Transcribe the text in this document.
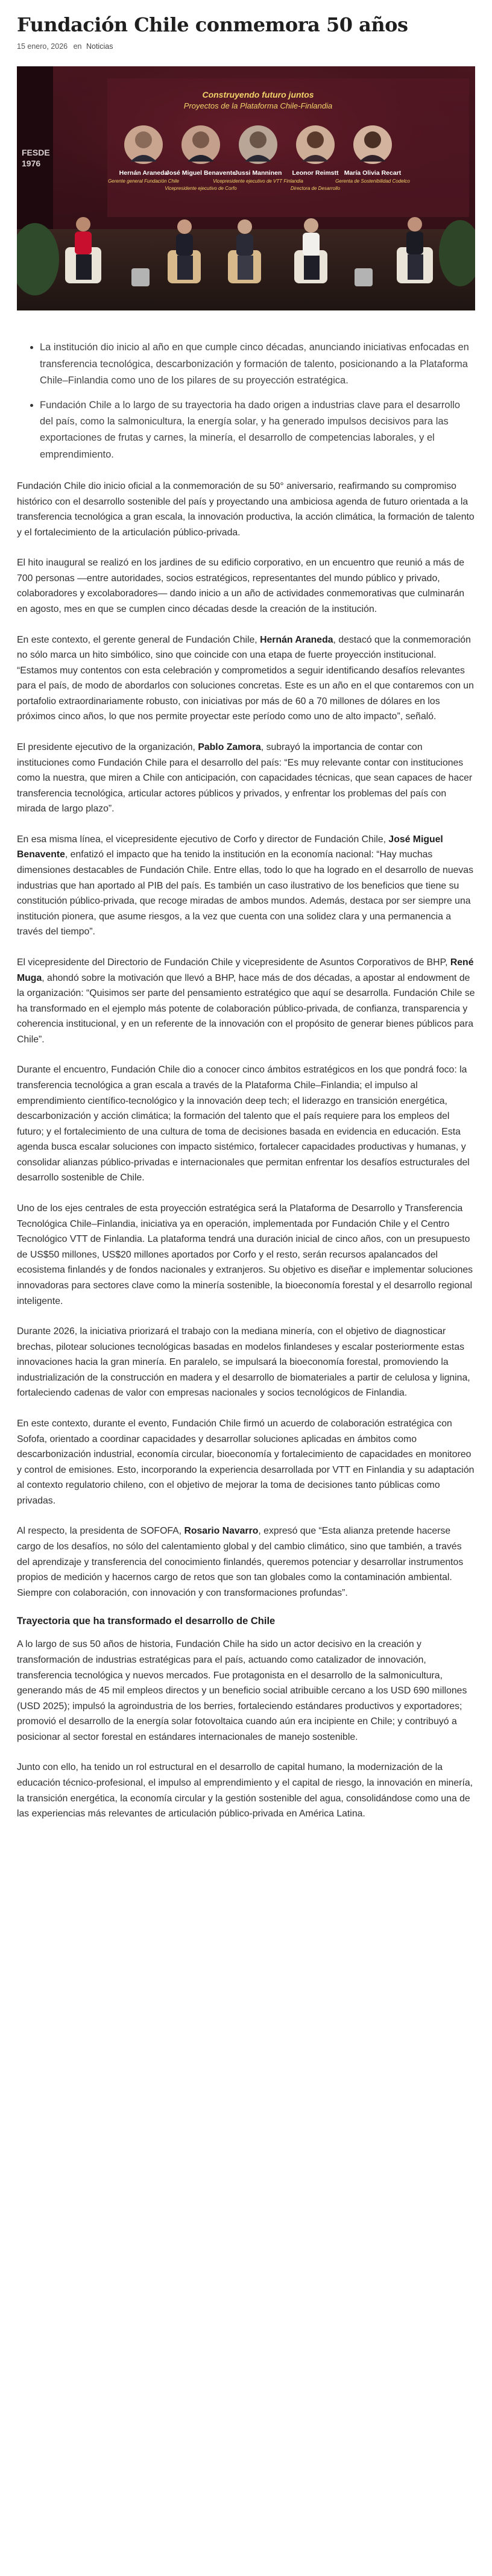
Fundación Chile conmemora 50 años
15 enero, 2026 en Noticias
FESDE
1976
Construyendo futuro juntos
Proyectos de la Plataforma Chile-Finlandia
Hernán Araneda
Gerente general Fundación Chile
José Miguel Benavente
Vicepresidente ejecutivo de Corfo
Jussi Manninen
Vicepresidente ejecutivo de VTT Finlandia
Leonor Reimstt
Directora de Desarrollo
María Olivia Recart
Gerenta de Sostenibilidad Codelco
• La institución dio inicio al año en que cumple cinco décadas, anunciando iniciativas enfocadas en transferencia tecnológica, descarbonización y formación de talento, posicionando a la Plataforma Chile–Finlandia como uno de los pilares de su proyección estratégica.
• Fundación Chile a lo largo de su trayectoria ha dado origen a industrias clave para el desarrollo del país, como la salmonicultura, la energía solar, y ha generado impulsos decisivos para las exportaciones de frutas y carnes, la minería, el desarrollo de competencias laborales, y el emprendimiento.

Fundación Chile dio inicio oficial a la conmemoración de su 50° aniversario, reafirmando su compromiso histórico con el desarrollo sostenible del país y proyectando una ambiciosa agenda de futuro orientada a la transferencia tecnológica a gran escala, la innovación productiva, la acción climática, la formación de talento y el fortalecimiento de la articulación público-privada.

El hito inaugural se realizó en los jardines de su edificio corporativo, en un encuentro que reunió a más de 700 personas —entre autoridades, socios estratégicos, representantes del mundo público y privado, colaboradores y excolaboradores— dando inicio a un año de actividades conmemorativas que culminarán en agosto, mes en que se cumplen cinco décadas desde la creación de la institución.

En este contexto, el gerente general de Fundación Chile, Hernán Araneda, destacó que la conmemoración no sólo marca un hito simbólico, sino que coincide con una etapa de fuerte proyección institucional. “Estamos muy contentos con esta celebración y comprometidos a seguir identificando desafíos relevantes para el país, de modo de abordarlos con soluciones concretas. Este es un año en el que contaremos con un portafolio extraordinariamente robusto, con iniciativas por más de 60 a 70 millones de dólares en los próximos cinco años, lo que nos permite proyectar este período como uno de alto impacto”, señaló.

El presidente ejecutivo de la organización, Pablo Zamora, subrayó la importancia de contar con instituciones como Fundación Chile para el desarrollo del país: “Es muy relevante contar con instituciones como la nuestra, que miren a Chile con anticipación, con capacidades técnicas, que sean capaces de hacer transferencia tecnológica, articular actores públicos y privados, y enfrentar los problemas del país con mirada de largo plazo”.

En esa misma línea, el vicepresidente ejecutivo de Corfo y director de Fundación Chile, José Miguel Benavente, enfatizó el impacto que ha tenido la institución en la economía nacional: “Hay muchas dimensiones destacables de Fundación Chile. Entre ellas, todo lo que ha logrado en el desarrollo de nuevas industrias que han aportado al PIB del país. Es también un caso ilustrativo de los beneficios que tiene su constitución público-privada, que recoge miradas de ambos mundos. Además, destaca por ser siempre una institución pionera, que asume riesgos, a la vez que cuenta con una solidez clara y una permanencia a través del tiempo”.

El vicepresidente del Directorio de Fundación Chile y vicepresidente de Asuntos Corporativos de BHP, René Muga, ahondó sobre la motivación que llevó a BHP, hace más de dos décadas, a apostar al endowment de la organización: “Quisimos ser parte del pensamiento estratégico que aquí se desarrolla. Fundación Chile se ha transformado en el ejemplo más potente de colaboración público-privada, de confianza, transparencia y coherencia institucional, y en un referente de la innovación con el propósito de generar bienes públicos para Chile”.

Durante el encuentro, Fundación Chile dio a conocer cinco ámbitos estratégicos en los que pondrá foco: la transferencia tecnológica a gran escala a través de la Plataforma Chile–Finlandia; el impulso al emprendimiento científico-tecnológico y la innovación deep tech; el liderazgo en transición energética, descarbonización y acción climática; la formación del talento que el país requiere para los empleos del futuro; y el fortalecimiento de una cultura de toma de decisiones basada en evidencia en educación. Esta agenda busca escalar soluciones con impacto sistémico, fortalecer capacidades productivas y humanas, y consolidar alianzas público-privadas e internacionales que permitan enfrentar los desafíos estructurales del desarrollo sostenible de Chile.

Uno de los ejes centrales de esta proyección estratégica será la Plataforma de Desarrollo y Transferencia Tecnológica Chile–Finlandia, iniciativa ya en operación, implementada por Fundación Chile y el Centro Tecnológico VTT de Finlandia. La plataforma tendrá una duración inicial de cinco años, con un presupuesto de US$50 millones, US$20 millones aportados por Corfo y el resto, serán recursos apalancados del ecosistema finlandés y de fondos nacionales y extranjeros. Su objetivo es diseñar e implementar soluciones innovadoras para sectores clave como la minería sostenible, la bioeconomía forestal y el desarrollo regional inteligente.

Durante 2026, la iniciativa priorizará el trabajo con la mediana minería, con el objetivo de diagnosticar brechas, pilotear soluciones tecnológicas basadas en modelos finlandeses y escalar posteriormente estas innovaciones hacia la gran minería. En paralelo, se impulsará la bioeconomía forestal, promoviendo la industrialización de la construcción en madera y el desarrollo de biomateriales a partir de celulosa y lignina, fortaleciendo cadenas de valor con empresas nacionales y socios tecnológicos de Finlandia.

En este contexto, durante el evento, Fundación Chile firmó un acuerdo de colaboración estratégica con Sofofa, orientado a coordinar capacidades y desarrollar soluciones aplicadas en ámbitos como descarbonización industrial, economía circular, bioeconomía y fortalecimiento de capacidades en monitoreo y control de emisiones. Esto, incorporando la experiencia desarrollada por VTT en Finlandia y su adaptación al contexto regulatorio chileno, con el objetivo de mejorar la toma de decisiones tanto públicas como privadas.

Al respecto, la presidenta de SOFOFA, Rosario Navarro, expresó que “Esta alianza pretende hacerse cargo de los desafíos, no sólo del calentamiento global y del cambio climático, sino que también, a través del aprendizaje y transferencia del conocimiento finlandés, queremos potenciar y desarrollar instrumentos propios de medición y hacernos cargo de retos que son tan globales como la contaminación ambiental. Siempre con colaboración, con innovación y con transformaciones profundas”.

Trayectoria que ha transformado el desarrollo de Chile

A lo largo de sus 50 años de historia, Fundación Chile ha sido un actor decisivo en la creación y transformación de industrias estratégicas para el país, actuando como catalizador de innovación, transferencia tecnológica y nuevos mercados. Fue protagonista en el desarrollo de la salmonicultura, generando más de 45 mil empleos directos y un beneficio social atribuible cercano a los USD 690 millones (USD 2025); impulsó la agroindustria de los berries, fortaleciendo estándares productivos y exportadores; promovió el desarrollo de la energía solar fotovoltaica cuando aún era incipiente en Chile; y contribuyó a posicionar al sector forestal en estándares internacionales de manejo sostenible.

Junto con ello, ha tenido un rol estructural en el desarrollo de capital humano, la modernización de la educación técnico-profesional, el impulso al emprendimiento y el capital de riesgo, la innovación en minería, la transición energética, la economía circular y la gestión sostenible del agua, consolidándose como una de las experiencias más relevantes de articulación público-privada en América Latina.
